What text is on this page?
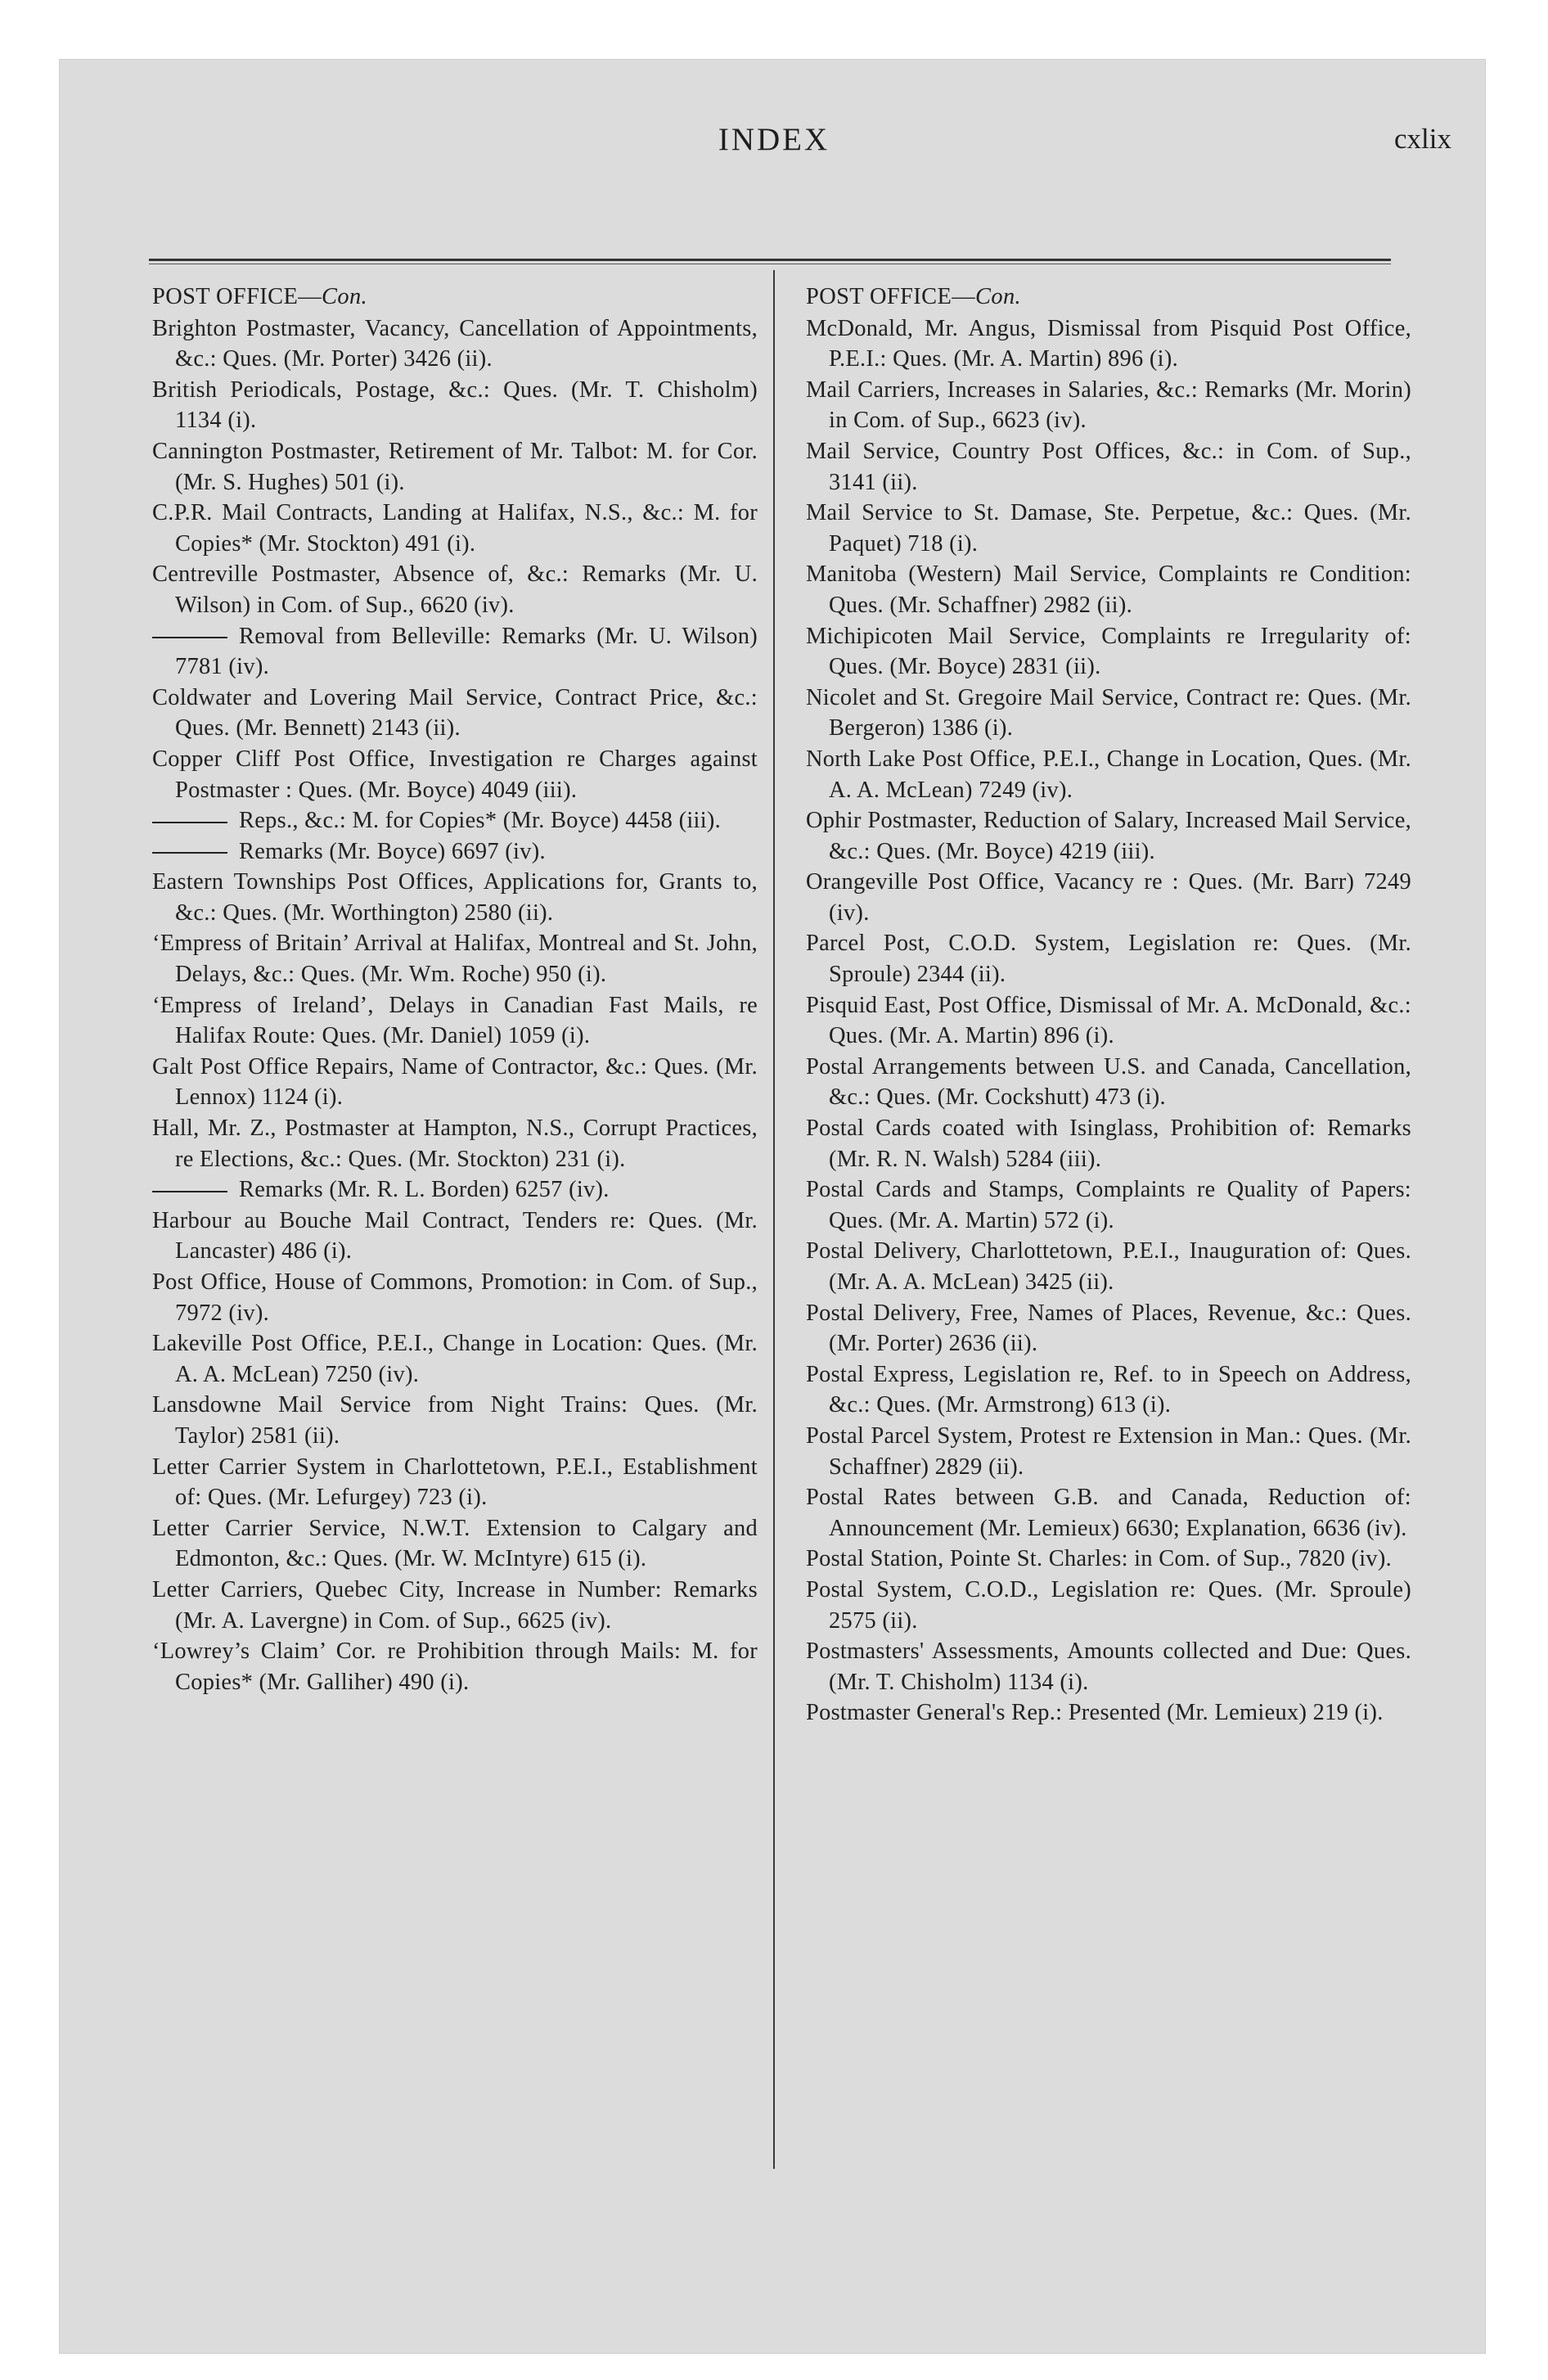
INDEX	cxlix

POST OFFICE—Con.

Brighton Postmaster, Vacancy, Cancellation of Appointments, &c.: Ques. (Mr. Porter) 3426 (ii).

British Periodicals, Postage, &c.: Ques. (Mr. T. Chisholm) 1134 (i).

Cannington Postmaster, Retirement of Mr. Talbot: M. for Cor. (Mr. S. Hughes) 501 (i).

C.P.R. Mail Contracts, Landing at Halifax, N.S., &c.: M. for Copies* (Mr. Stockton) 491 (i).

Centreville Postmaster, Absence of, &c.: Remarks (Mr. U. Wilson) in Com. of Sup., 6620 (iv).

Removal from Belleville: Remarks (Mr. U. Wilson) 7781 (iv).

Coldwater and Lovering Mail Service, Contract Price, &c.: Ques. (Mr. Bennett) 2143 (ii).

Copper Cliff Post Office, Investigation re Charges against Postmaster : Ques. (Mr. Boyce) 4049 (iii).

Reps., &c.: M. for Copies* (Mr. Boyce) 4458 (iii).

Remarks (Mr. Boyce) 6697 (iv).

Eastern Townships Post Offices, Applications for, Grants to, &c.: Ques. (Mr. Worthington) 2580 (ii).

‘Empress of Britain’ Arrival at Halifax, Montreal and St. John, Delays, &c.: Ques. (Mr. Wm. Roche) 950 (i).

‘Empress of Ireland’, Delays in Canadian Fast Mails, re Halifax Route: Ques. (Mr. Daniel) 1059 (i).

Galt Post Office Repairs, Name of Contractor, &c.: Ques. (Mr. Lennox) 1124 (i).

Hall, Mr. Z., Postmaster at Hampton, N.S., Corrupt Practices, re Elections, &c.: Ques. (Mr. Stockton) 231 (i).

Remarks (Mr. R. L. Borden) 6257 (iv).

Harbour au Bouche Mail Contract, Tenders re: Ques. (Mr. Lancaster) 486 (i).

Post Office, House of Commons, Promotion: in Com. of Sup., 7972 (iv).

Lakeville Post Office, P.E.I., Change in Location: Ques. (Mr. A. A. McLean) 7250 (iv).

Lansdowne Mail Service from Night Trains: Ques. (Mr. Taylor) 2581 (ii).

Letter Carrier System in Charlottetown, P.E.I., Establishment of: Ques. (Mr. Lefurgey) 723 (i).

Letter Carrier Service, N.W.T. Extension to Calgary and Edmonton, &c.: Ques. (Mr. W. McIntyre) 615 (i).

Letter Carriers, Quebec City, Increase in Number: Remarks (Mr. A. Lavergne) in Com. of Sup., 6625 (iv).

‘Lowrey’s Claim’ Cor. re Prohibition through Mails: M. for Copies* (Mr. Galliher) 490 (i).

POST OFFICE—Con.

McDonald, Mr. Angus, Dismissal from Pisquid Post Office, P.E.I.: Ques. (Mr. A. Martin) 896 (i).

Mail Carriers, Increases in Salaries, &c.: Remarks (Mr. Morin) in Com. of Sup., 6623 (iv).

Mail Service, Country Post Offices, &c.: in Com. of Sup., 3141 (ii).

Mail Service to St. Damase, Ste. Perpetue, &c.: Ques. (Mr. Paquet) 718 (i).

Manitoba (Western) Mail Service, Complaints re Condition: Ques. (Mr. Schaffner) 2982 (ii).

Michipicoten Mail Service, Complaints re Irregularity of: Ques. (Mr. Boyce) 2831 (ii).

Nicolet and St. Gregoire Mail Service, Contract re: Ques. (Mr. Bergeron) 1386 (i).

North Lake Post Office, P.E.I., Change in Location, Ques. (Mr. A. A. McLean) 7249 (iv).

Ophir Postmaster, Reduction of Salary, Increased Mail Service, &c.: Ques. (Mr. Boyce) 4219 (iii).

Orangeville Post Office, Vacancy re : Ques. (Mr. Barr) 7249 (iv).

Parcel Post, C.O.D. System, Legislation re: Ques. (Mr. Sproule) 2344 (ii).

Pisquid East, Post Office, Dismissal of Mr. A. McDonald, &c.: Ques. (Mr. A. Martin) 896 (i).

Postal Arrangements between U.S. and Canada, Cancellation, &c.: Ques. (Mr. Cockshutt) 473 (i).

Postal Cards coated with Isinglass, Prohibition of: Remarks (Mr. R. N. Walsh) 5284 (iii).

Postal Cards and Stamps, Complaints re Quality of Papers: Ques. (Mr. A. Martin) 572 (i).

Postal Delivery, Charlottetown, P.E.I., Inauguration of: Ques. (Mr. A. A. McLean) 3425 (ii).

Postal Delivery, Free, Names of Places, Revenue, &c.: Ques. (Mr. Porter) 2636 (ii).

Postal Express, Legislation re, Ref. to in Speech on Address, &c.: Ques. (Mr. Armstrong) 613 (i).

Postal Parcel System, Protest re Extension in Man.: Ques. (Mr. Schaffner) 2829 (ii).

Postal Rates between G.B. and Canada, Reduction of: Announcement (Mr. Lemieux) 6630; Explanation, 6636 (iv).

Postal Station, Pointe St. Charles: in Com. of Sup., 7820 (iv).

Postal System, C.O.D., Legislation re: Ques. (Mr. Sproule) 2575 (ii).

Postmasters' Assessments, Amounts collected and Due: Ques. (Mr. T. Chisholm) 1134 (i).

Postmaster General's Rep.: Presented (Mr. Lemieux) 219 (i).
